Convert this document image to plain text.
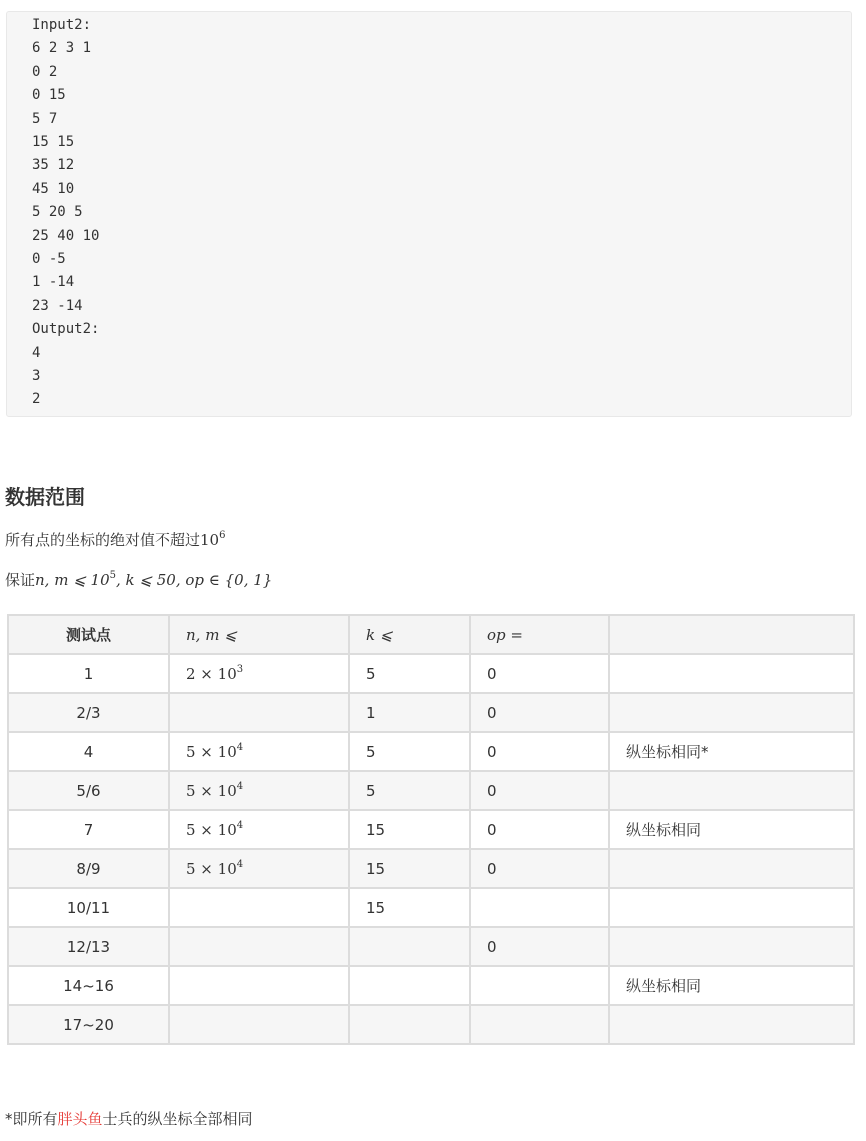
Input2:
6 2 3 1
0 2
0 15
5 7
15 15
35 12
45 10
5 20 5
25 40 10
0 -5
1 -14
23 -14
Output2:
4
3
2
数据范围
所有点的坐标的绝对值不超过$10^6$
保证n, m ⩽ $10^5$, k ⩽ 50, op ∈ {0, 1}
测试点	n, m ⩽	k ⩽	op =	
1	$2 \times 10^3$	5	0	
2/3		1	0	
4	$5 \times 10^4$	5	0	纵坐标相同*
5/6	$5 \times 10^4$	5	0	
7	$5 \times 10^4$	15	0	纵坐标相同
8/9	$5 \times 10^4$	15	0	
10/11		15		
12/13			0	
14~16				纵坐标相同
17~20				
*即所有胖头鱼士兵的纵坐标全部相同
